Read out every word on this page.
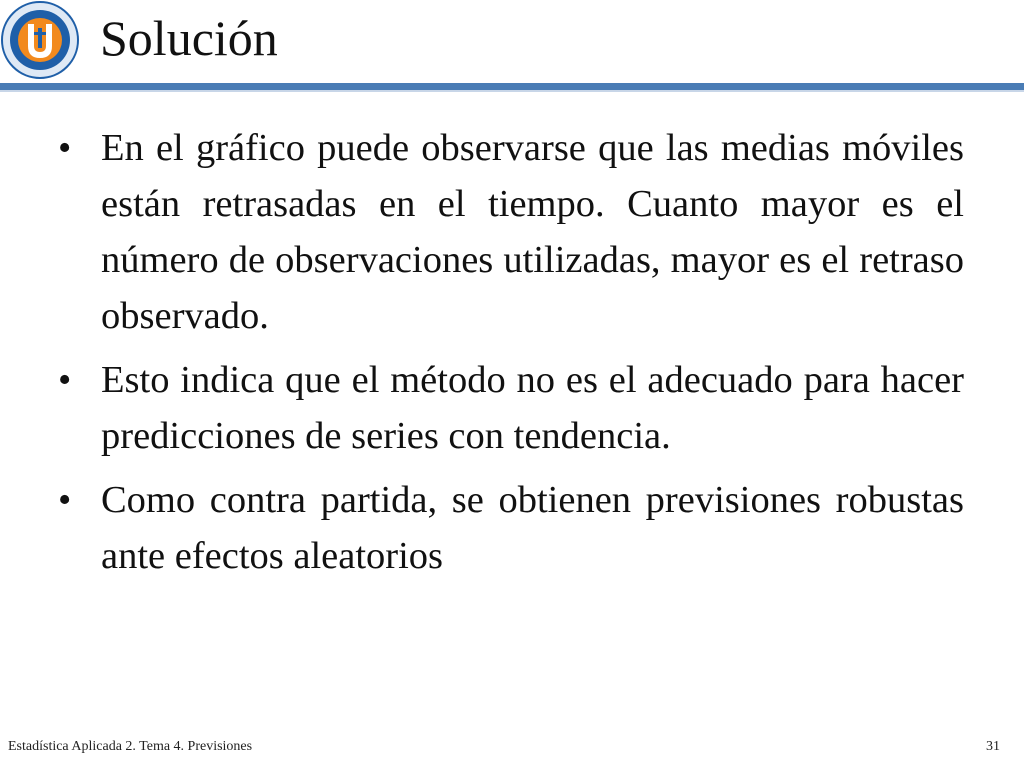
Solución
• En el gráfico puede observarse que las medias móviles están retrasadas en el tiempo. Cuanto mayor es el número de observaciones utilizadas, mayor es el retraso observado.
• Esto indica que el método no es el adecuado para hacer predicciones de series con tendencia.
• Como contra partida, se obtienen previsiones robustas ante efectos aleatorios
Estadística Aplicada 2. Tema 4. Previsiones	31
